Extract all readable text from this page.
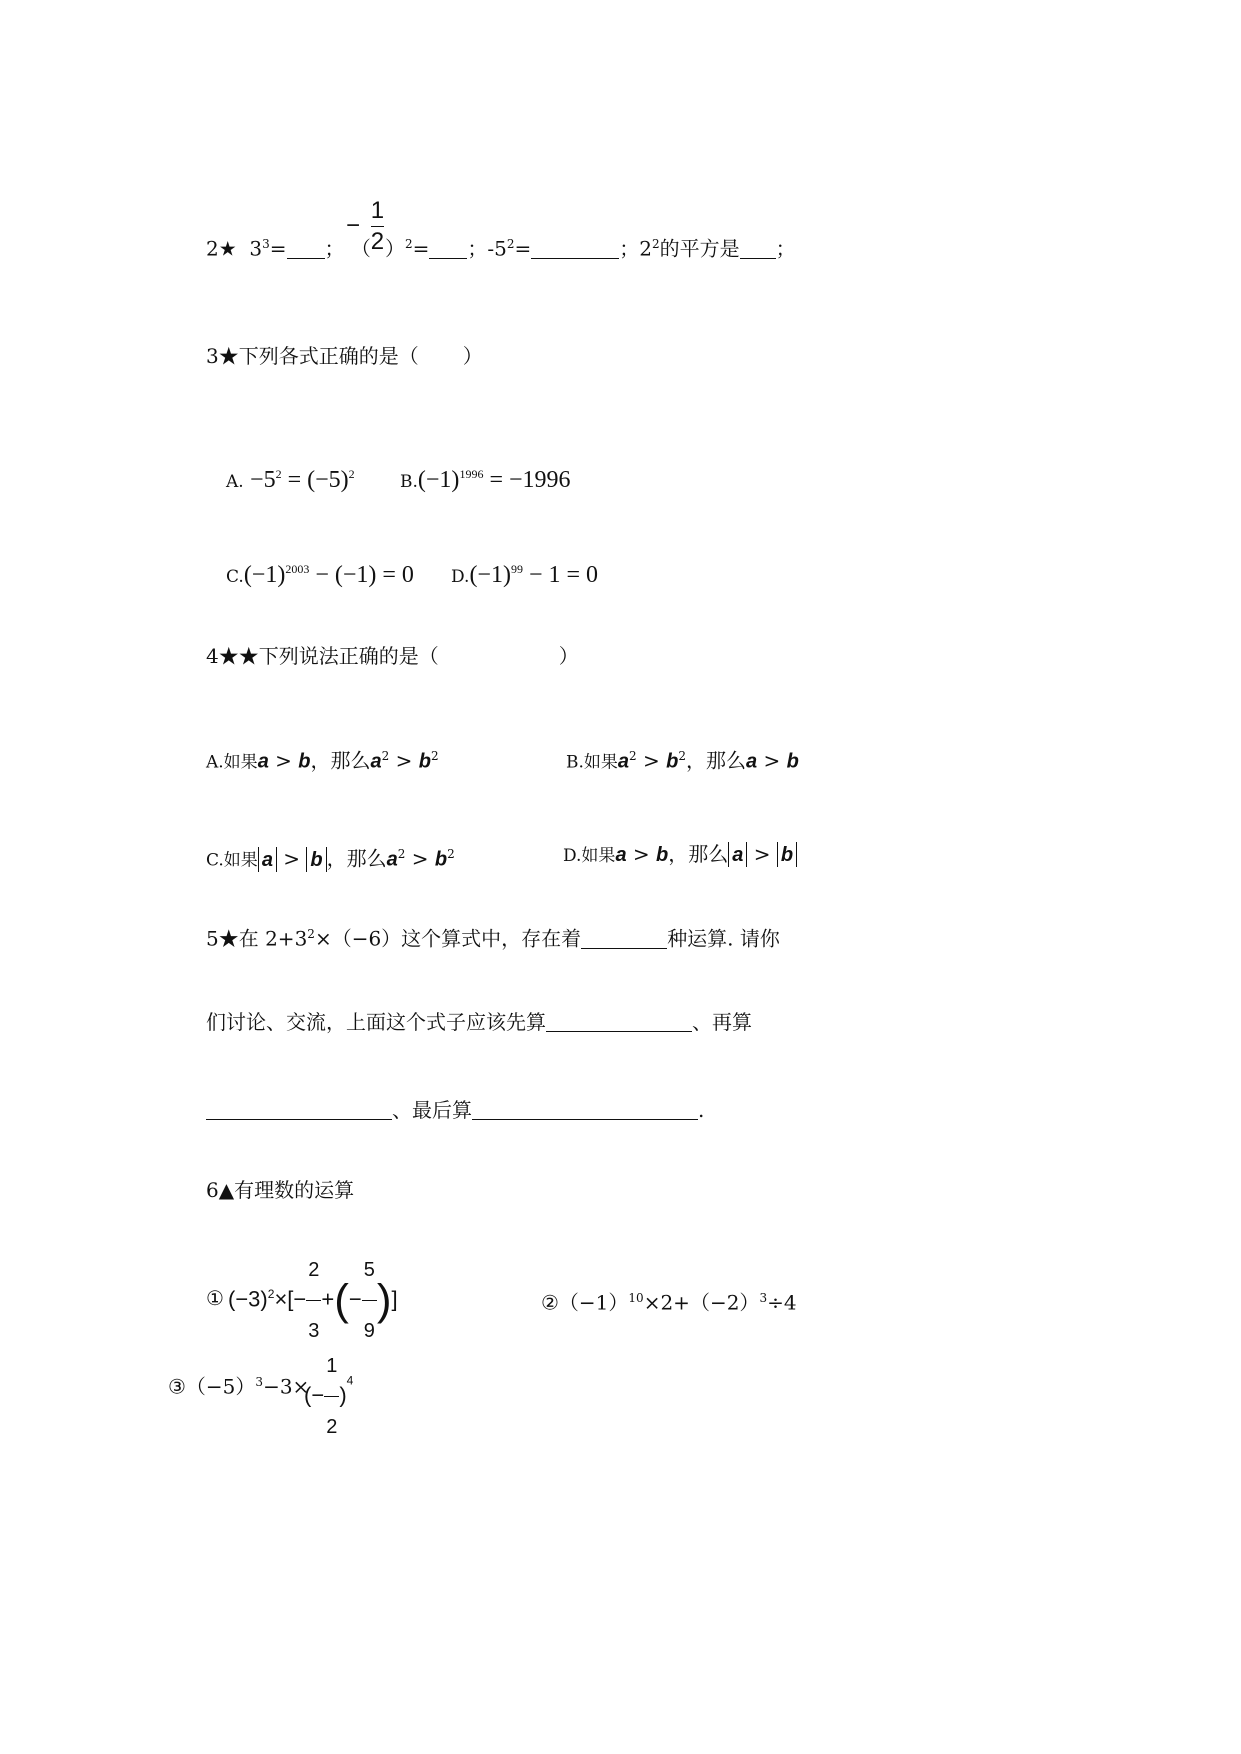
2★ $3^3=$ ； （
− $\frac{1}{2} )^2=$ ；$-5^2=$	；$2^2$的平方是 ；
3★下列各式正确的是（ ）
A. $-5^2 = (-5)^2$	$B.(-1)^{1996} = -1996$
$C.(-1)^{2003} - (-1) = 0$ $D.(-1)^{99} - 1 = 0$
4★★下列说法正确的是（	）
A.如果a > b，那么$a^2 > b^2$	B.如果$a^2 > b^2$，那么a > b
C.如果 a > b ，那么$a^2 > b^2$	D.如果a > b，那么 a > b
5★在 $2+3^2\times(-6)$这个算式中，存在着	种运算. 请你
们讨论、交流，上面这个式子应该先算	、再算
、最后算	.
6▲有理数的运算
① $(-3)^2\times[- \frac{2}{3}$ +(− $\frac{5}{9}$ )]	$②(-1)^{10}\times 2+(-2)^3\div 4$
$③(-5)^3-3\times$
(− $\frac{1}{2} )^4$
